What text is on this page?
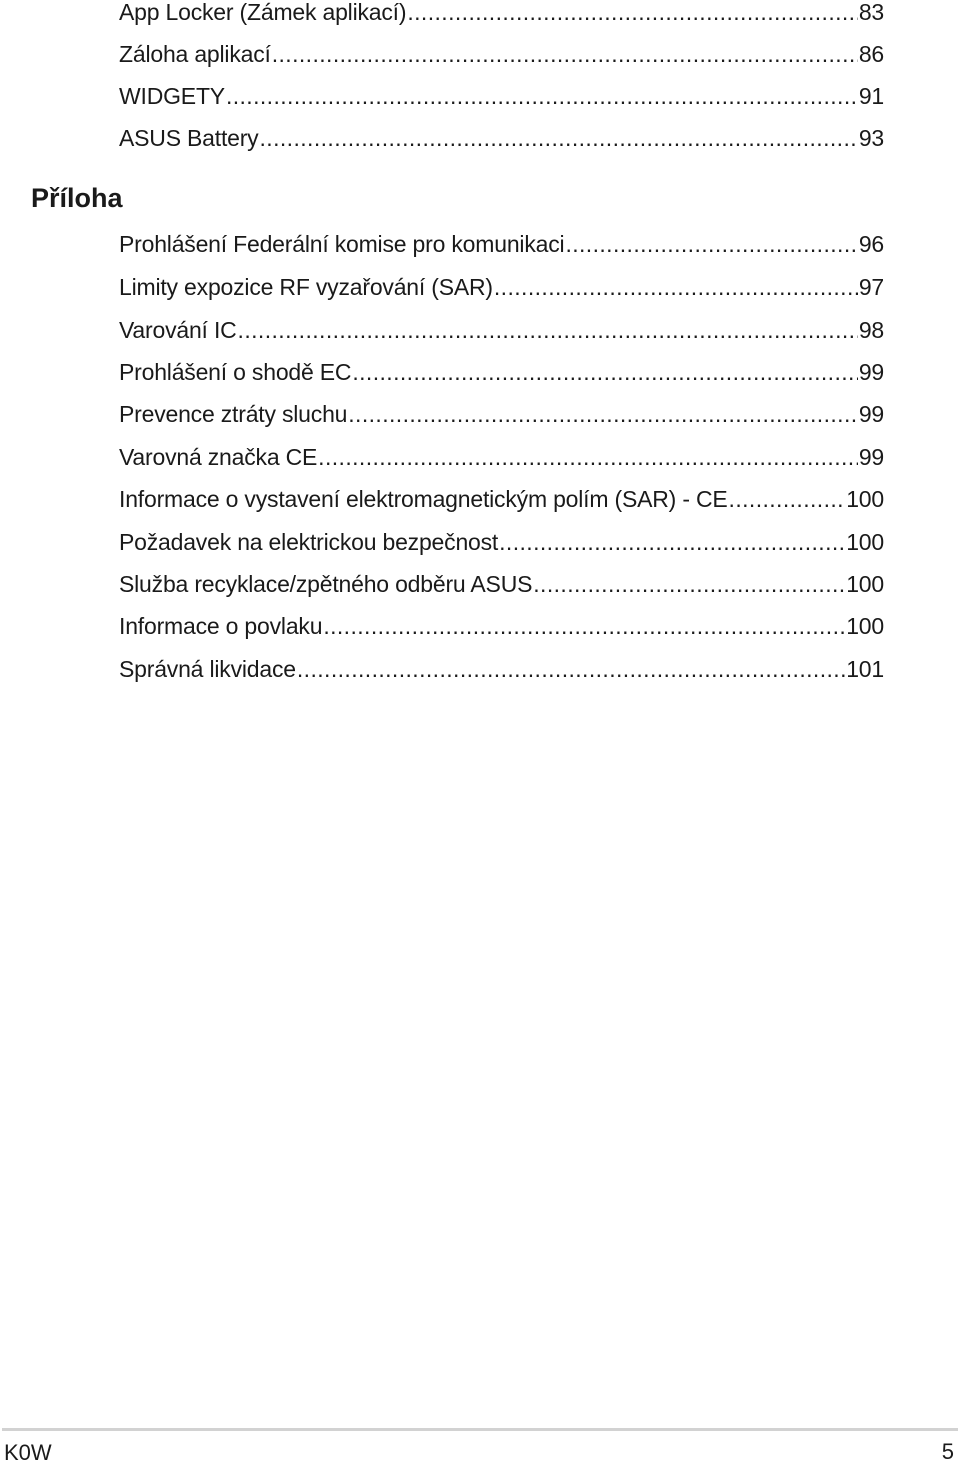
App Locker (Zámek aplikací) .....	83
Záloha aplikací .....	86
WIDGETY .....	91
ASUS Battery .....	93
Příloha
Prohlášení Federální komise pro komunikaci .....	96
Limity expozice RF vyzařování (SAR) .....	97
Varování IC .....	98
Prohlášení o shodě EC .....	99
Prevence ztráty sluchu .....	99
Varovná značka CE .....	99
Informace o vystavení elektromagnetickým polím (SAR) - CE .....	100
Požadavek na elektrickou bezpečnost .....	100
Služba recyklace/zpětného odběru ASUS .....	100
Informace o povlaku .....	100
Správná likvidace .....	101
K0W	5
